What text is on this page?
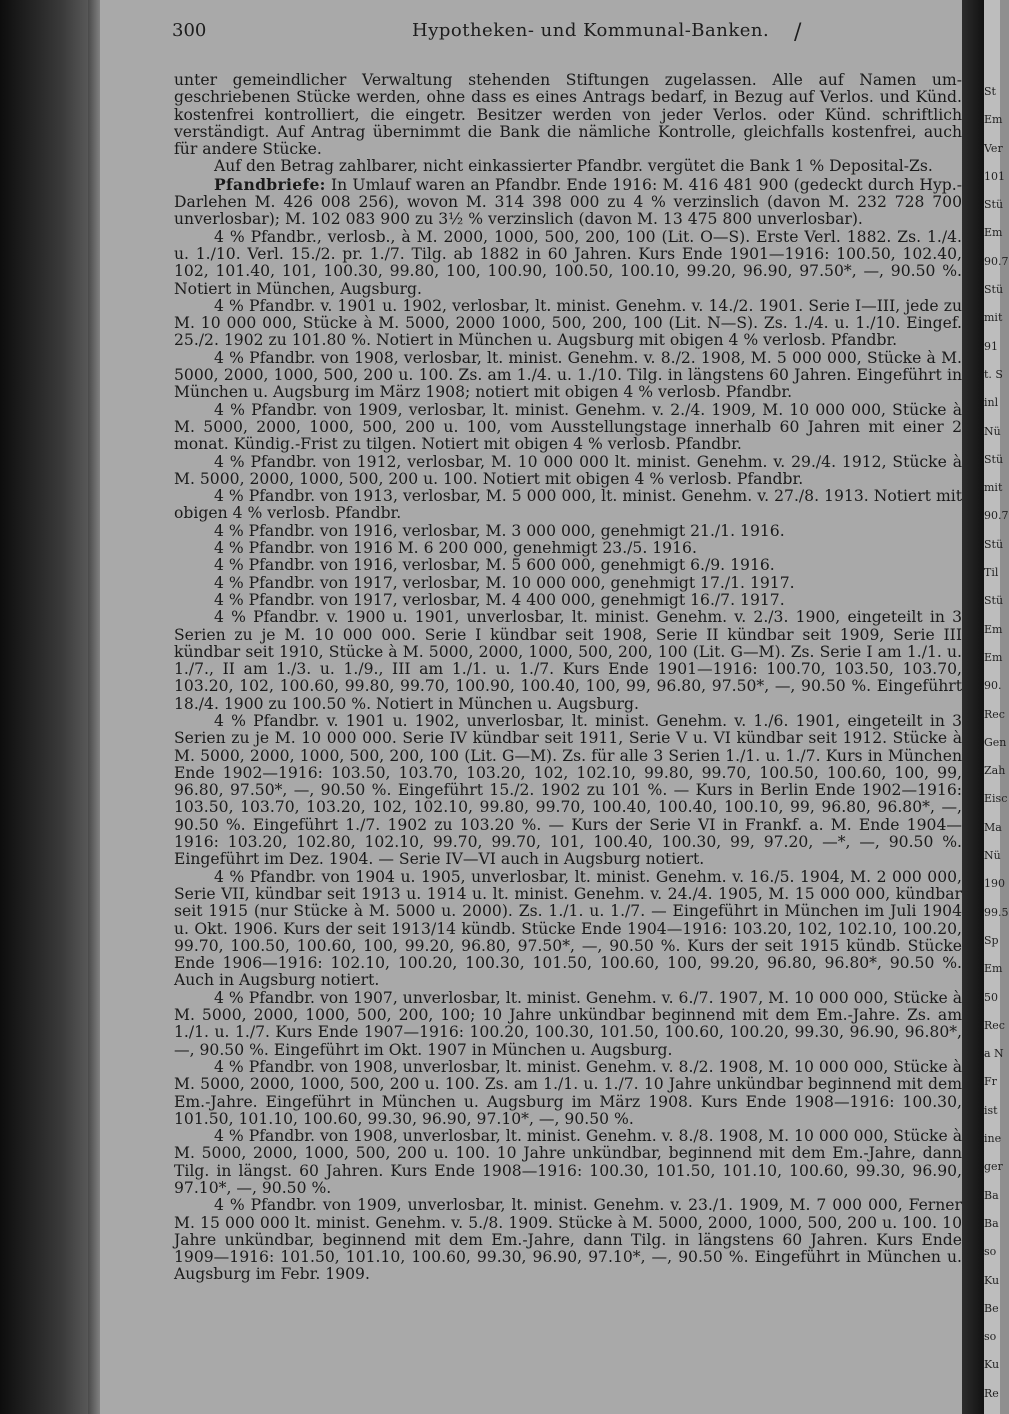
St
Em
Ver
101
Stü
Em
90.7
Stü
mit
91
t. S
inl
Nü
Stü
mit
90.7
Stü
Til
Stü
Em
Em
90.
Rec
Gen
Zah
Eisc
Ma
Nü
190
99.5
Sp
Em
50
Rec
a N
Fr
ist
ine
ger
Ba
Ba
so
Ku
Be
so
Ku
Re
300	Hypotheken- und Kommunal-Banken. /

unter gemeindlicher Verwaltung stehenden Stiftungen zugelassen. Alle auf Namen umgeschriebenen Stücke werden, ohne dass es eines Antrags bedarf, in Bezug auf Verlos. und Künd. kostenfrei kontrolliert, die eingetr. Besitzer werden von jeder Verlos. oder Künd. schriftlich verständigt. Auf Antrag übernimmt die Bank die nämliche Kontrolle, gleichfalls kostenfrei, auch für andere Stücke.

Auf den Betrag zahlbarer, nicht einkassierter Pfandbr. vergütet die Bank 1 % Deposital-Zs.

Pfandbriefe: In Umlauf waren an Pfandbr. Ende 1916: M. 416 481 900 (gedeckt durch Hyp.-Darlehen M. 426 008 256), wovon M. 314 398 000 zu 4 % verzinslich (davon M. 232 728 700 unverlosbar); M. 102 083 900 zu 3½ % verzinslich (davon M. 13 475 800 unverlosbar).

4 % Pfandbr., verlosb., à M. 2000, 1000, 500, 200, 100 (Lit. O—S). Erste Verl. 1882. Zs. 1./4. u. 1./10. Verl. 15./2. pr. 1./7. Tilg. ab 1882 in 60 Jahren. Kurs Ende 1901—1916: 100.50, 102.40, 102, 101.40, 101, 100.30, 99.80, 100, 100.90, 100.50, 100.10, 99.20, 96.90, 97.50*, —, 90.50 %. Notiert in München, Augsburg.

4 % Pfandbr. v. 1901 u. 1902, verlosbar, lt. minist. Genehm. v. 14./2. 1901. Serie I—III, jede zu M. 10 000 000, Stücke à M. 5000, 2000 1000, 500, 200, 100 (Lit. N—S). Zs. 1./4. u. 1./10. Eingef. 25./2. 1902 zu 101.80 %. Notiert in München u. Augsburg mit obigen 4 % verlosb. Pfandbr.

4 % Pfandbr. von 1908, verlosbar, lt. minist. Genehm. v. 8./2. 1908, M. 5 000 000, Stücke à M. 5000, 2000, 1000, 500, 200 u. 100. Zs. am 1./4. u. 1./10. Tilg. in längstens 60 Jahren. Eingeführt in München u. Augsburg im März 1908; notiert mit obigen 4 % verlosb. Pfandbr.

4 % Pfandbr. von 1909, verlosbar, lt. minist. Genehm. v. 2./4. 1909, M. 10 000 000, Stücke à M. 5000, 2000, 1000, 500, 200 u. 100, vom Ausstellungstage innerhalb 60 Jahren mit einer 2 monat. Kündig.-Frist zu tilgen. Notiert mit obigen 4 % verlosb. Pfandbr.

4 % Pfandbr. von 1912, verlosbar, M. 10 000 000 lt. minist. Genehm. v. 29./4. 1912, Stücke à M. 5000, 2000, 1000, 500, 200 u. 100. Notiert mit obigen 4 % verlosb. Pfandbr.

4 % Pfandbr. von 1913, verlosbar, M. 5 000 000, lt. minist. Genehm. v. 27./8. 1913. Notiert mit obigen 4 % verlosb. Pfandbr.

4 % Pfandbr. von 1916, verlosbar, M. 3 000 000, genehmigt 21./1. 1916.

4 % Pfandbr. von 1916 M. 6 200 000, genehmigt 23./5. 1916.

4 % Pfandbr. von 1916, verlosbar, M. 5 600 000, genehmigt 6./9. 1916.

4 % Pfandbr. von 1917, verlosbar, M. 10 000 000, genehmigt 17./1. 1917.

4 % Pfandbr. von 1917, verlosbar, M. 4 400 000, genehmigt 16./7. 1917.

4 % Pfandbr. v. 1900 u. 1901, unverlosbar, lt. minist. Genehm. v. 2./3. 1900, eingeteilt in 3 Serien zu je M. 10 000 000. Serie I kündbar seit 1908, Serie II kündbar seit 1909, Serie III kündbar seit 1910, Stücke à M. 5000, 2000, 1000, 500, 200, 100 (Lit. G—M). Zs. Serie I am 1./1. u. 1./7., II am 1./3. u. 1./9., III am 1./1. u. 1./7. Kurs Ende 1901—1916: 100.70, 103.50, 103.70, 103.20, 102, 100.60, 99.80, 99.70, 100.90, 100.40, 100, 99, 96.80, 97.50*, —, 90.50 %. Eingeführt 18./4. 1900 zu 100.50 %. Notiert in München u. Augsburg.

4 % Pfandbr. v. 1901 u. 1902, unverlosbar, lt. minist. Genehm. v. 1./6. 1901, eingeteilt in 3 Serien zu je M. 10 000 000. Serie IV kündbar seit 1911, Serie V u. VI kündbar seit 1912. Stücke à M. 5000, 2000, 1000, 500, 200, 100 (Lit. G—M). Zs. für alle 3 Serien 1./1. u. 1./7. Kurs in München Ende 1902—1916: 103.50, 103.70, 103.20, 102, 102.10, 99.80, 99.70, 100.50, 100.60, 100, 99, 96.80, 97.50*, —, 90.50 %. Eingeführt 15./2. 1902 zu 101 %. — Kurs in Berlin Ende 1902—1916: 103.50, 103.70, 103.20, 102, 102.10, 99.80, 99.70, 100.40, 100.40, 100.10, 99, 96.80, 96.80*, —, 90.50 %. Eingeführt 1./7. 1902 zu 103.20 %. — Kurs der Serie VI in Frankf. a. M. Ende 1904—1916: 103.20, 102.80, 102.10, 99.70, 99.70, 101, 100.40, 100.30, 99, 97.20, —*, —, 90.50 %. Eingeführt im Dez. 1904. — Serie IV—VI auch in Augsburg notiert.

4 % Pfandbr. von 1904 u. 1905, unverlosbar, lt. minist. Genehm. v. 16./5. 1904, M. 2 000 000, Serie VII, kündbar seit 1913 u. 1914 u. lt. minist. Genehm. v. 24./4. 1905, M. 15 000 000, kündbar seit 1915 (nur Stücke à M. 5000 u. 2000). Zs. 1./1. u. 1./7. — Eingeführt in München im Juli 1904 u. Okt. 1906. Kurs der seit 1913/14 kündb. Stücke Ende 1904—1916: 103.20, 102, 102.10, 100.20, 99.70, 100.50, 100.60, 100, 99.20, 96.80, 97.50*, —, 90.50 %. Kurs der seit 1915 kündb. Stücke Ende 1906—1916: 102.10, 100.20, 100.30, 101.50, 100.60, 100, 99.20, 96.80, 96.80*, 90.50 %. Auch in Augsburg notiert.

4 % Pfandbr. von 1907, unverlosbar, lt. minist. Genehm. v. 6./7. 1907, M. 10 000 000, Stücke à M. 5000, 2000, 1000, 500, 200, 100; 10 Jahre unkündbar beginnend mit dem Em.-Jahre. Zs. am 1./1. u. 1./7. Kurs Ende 1907—1916: 100.20, 100.30, 101.50, 100.60, 100.20, 99.30, 96.90, 96.80*, —, 90.50 %. Eingeführt im Okt. 1907 in München u. Augsburg.

4 % Pfandbr. von 1908, unverlosbar, lt. minist. Genehm. v. 8./2. 1908, M. 10 000 000, Stücke à M. 5000, 2000, 1000, 500, 200 u. 100. Zs. am 1./1. u. 1./7. 10 Jahre unkündbar beginnend mit dem Em.-Jahre. Eingeführt in München u. Augsburg im März 1908. Kurs Ende 1908—1916: 100.30, 101.50, 101.10, 100.60, 99.30, 96.90, 97.10*, —, 90.50 %.

4 % Pfandbr. von 1908, unverlosbar, lt. minist. Genehm. v. 8./8. 1908, M. 10 000 000, Stücke à M. 5000, 2000, 1000, 500, 200 u. 100. 10 Jahre unkündbar, beginnend mit dem Em.-Jahre, dann Tilg. in längst. 60 Jahren. Kurs Ende 1908—1916: 100.30, 101.50, 101.10, 100.60, 99.30, 96.90, 97.10*, —, 90.50 %.

4 % Pfandbr. von 1909, unverlosbar, lt. minist. Genehm. v. 23./1. 1909, M. 7 000 000, Ferner M. 15 000 000 lt. minist. Genehm. v. 5./8. 1909. Stücke à M. 5000, 2000, 1000, 500, 200 u. 100. 10 Jahre unkündbar, beginnend mit dem Em.-Jahre, dann Tilg. in längstens 60 Jahren. Kurs Ende 1909—1916: 101.50, 101.10, 100.60, 99.30, 96.90, 97.10*, —, 90.50 %. Eingeführt in München u. Augsburg im Febr. 1909.
